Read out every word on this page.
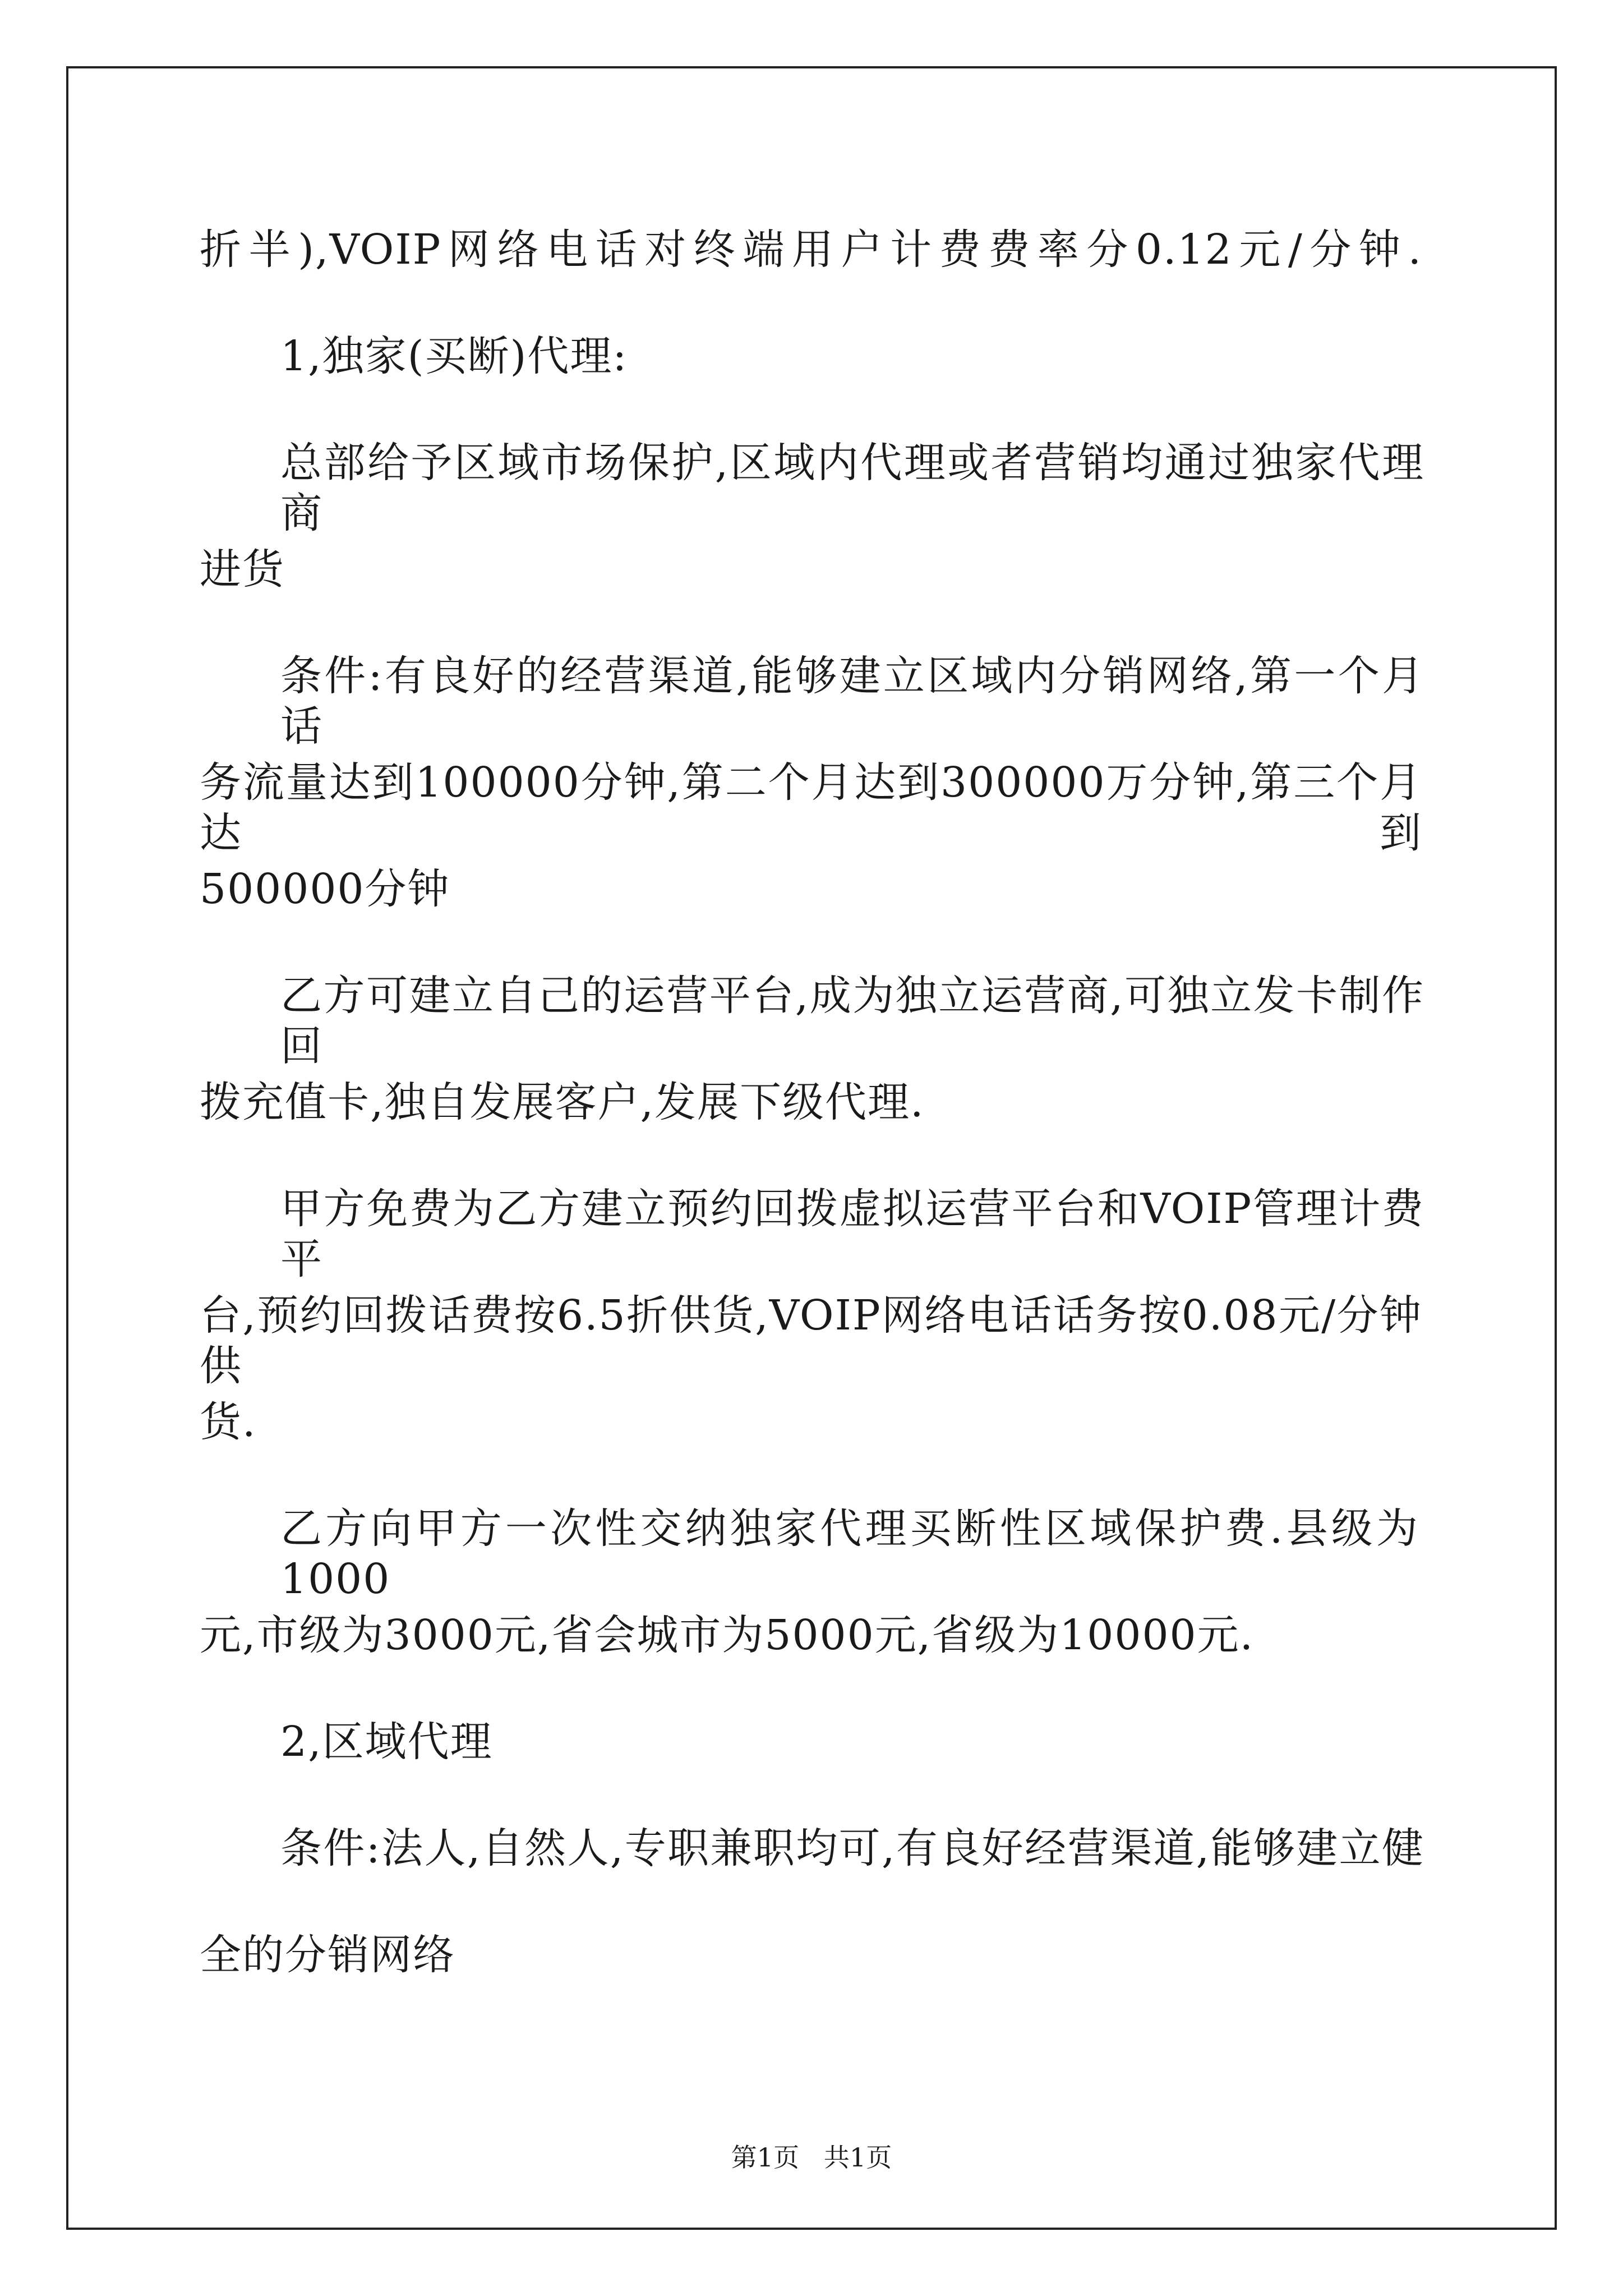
折半),VOIP网络电话对终端用户计费费率分0.12元/分钟.
1,独家(买断)代理:
总部给予区域市场保护,区域内代理或者营销均通过独家代理商
进货
条件:有良好的经营渠道,能够建立区域内分销网络,第一个月话
务流量达到100000分钟,第二个月达到300000万分钟,第三个月达到
500000分钟
乙方可建立自己的运营平台,成为独立运营商,可独立发卡制作回
拨充值卡,独自发展客户,发展下级代理.
甲方免费为乙方建立预约回拨虚拟运营平台和VOIP管理计费平
台,预约回拨话费按6.5折供货,VOIP网络电话话务按0.08元/分钟供
货.
乙方向甲方一次性交纳独家代理买断性区域保护费.县级为1000
元,市级为3000元,省会城市为5000元,省级为10000元.
2,区域代理
条件:法人,自然人,专职兼职均可,有良好经营渠道,能够建立健
全的分销网络
第1页   共1页
